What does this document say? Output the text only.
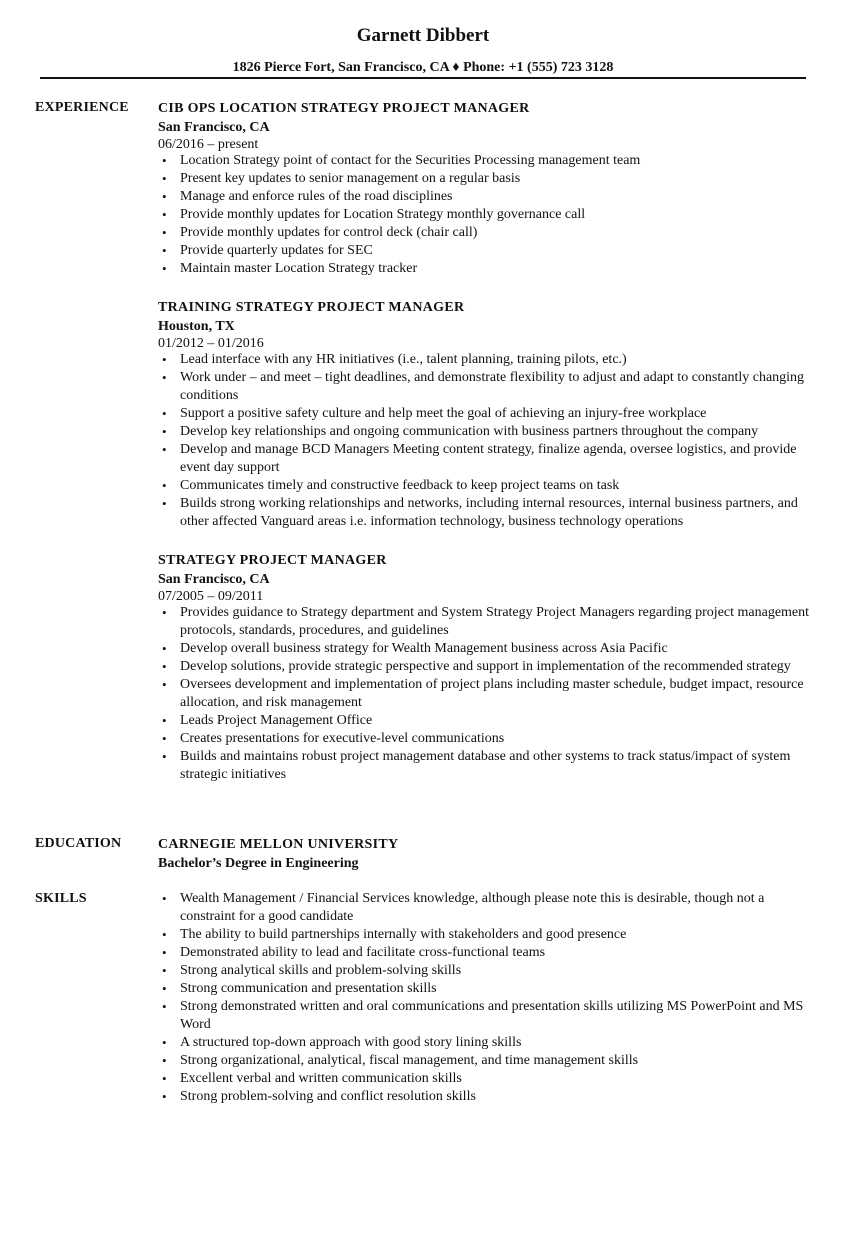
Garnett Dibbert
1826 Pierce Fort, San Francisco, CA ♦ Phone: +1 (555) 723 3128
EXPERIENCE CIB OPS LOCATION STRATEGY PROJECT MANAGER
San Francisco, CA
06/2016 – present
• Location Strategy point of contact for the Securities Processing management team
• Present key updates to senior management on a regular basis
• Manage and enforce rules of the road disciplines
• Provide monthly updates for Location Strategy monthly governance call
• Provide monthly updates for control deck (chair call)
• Provide quarterly updates for SEC
• Maintain master Location Strategy tracker
TRAINING STRATEGY PROJECT MANAGER
Houston, TX
01/2012 – 01/2016
• Lead interface with any HR initiatives (i.e., talent planning, training pilots, etc.)
• Work under – and meet – tight deadlines, and demonstrate flexibility to adjust and adapt to constantly changing conditions
• Support a positive safety culture and help meet the goal of achieving an injury-free workplace
• Develop key relationships and ongoing communication with business partners throughout the company
• Develop and manage BCD Managers Meeting content strategy, finalize agenda, oversee logistics, and provide event day support
• Communicates timely and constructive feedback to keep project teams on task
• Builds strong working relationships and networks, including internal resources, internal business partners, and other affected Vanguard areas i.e. information technology, business technology operations
STRATEGY PROJECT MANAGER
San Francisco, CA
07/2005 – 09/2011
• Provides guidance to Strategy department and System Strategy Project Managers regarding project management protocols, standards, procedures, and guidelines
• Develop overall business strategy for Wealth Management business across Asia Pacific
• Develop solutions, provide strategic perspective and support in implementation of the recommended strategy
• Oversees development and implementation of project plans including master schedule, budget impact, resource allocation, and risk management
• Leads Project Management Office
• Creates presentations for executive-level communications
• Builds and maintains robust project management database and other systems to track status/impact of system strategic initiatives
EDUCATION	CARNEGIE MELLON UNIVERSITY
Bachelor’s Degree in Engineering
SKILLS	• Wealth Management / Financial Services knowledge, although please note this is desirable, though not a constraint for a good candidate
• The ability to build partnerships internally with stakeholders and good presence
• Demonstrated ability to lead and facilitate cross-functional teams
• Strong analytical skills and problem-solving skills
• Strong communication and presentation skills
• Strong demonstrated written and oral communications and presentation skills utilizing MS PowerPoint and MS Word
• A structured top-down approach with good story lining skills
• Strong organizational, analytical, fiscal management, and time management skills
• Excellent verbal and written communication skills
• Strong problem-solving and conflict resolution skills
